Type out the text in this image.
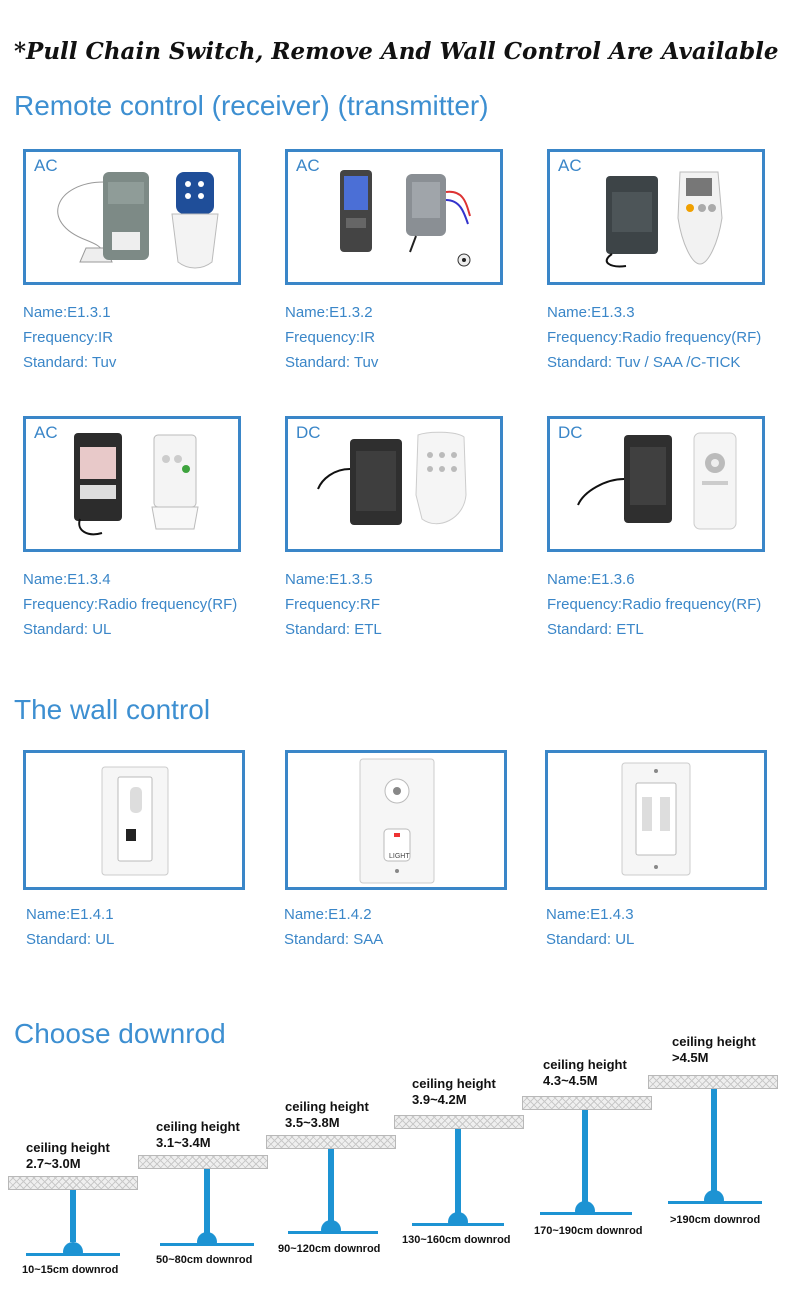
*Pull Chain Switch, Remove And Wall Control Are Available
Remote control (receiver) (transmitter)
AC
Name:E1.3.1
Frequency:IR
Standard: Tuv
AC
Name:E1.3.2
Frequency:IR
Standard: Tuv
AC
Name:E1.3.3
Frequency:Radio frequency(RF)
Standard: Tuv / SAA /C-TICK
AC
Name:E1.3.4
Frequency:Radio frequency(RF)
Standard: UL
DC
Name:E1.3.5
Frequency:RF
Standard: ETL
DC
Name:E1.3.6
Frequency:Radio frequency(RF)
Standard: ETL
The wall control
Name:E1.4.1
Standard: UL
LIGHT
Name:E1.4.2
Standard: SAA
Name:E1.4.3
Standard: UL
Choose downrod
ceiling height
2.7~3.0M
10~15cm downrod
ceiling height
3.1~3.4M
50~80cm downrod
ceiling height
3.5~3.8M
90~120cm downrod
ceiling height
3.9~4.2M
130~160cm downrod
ceiling height
4.3~4.5M
170~190cm downrod
ceiling height
>4.5M
>190cm downrod
